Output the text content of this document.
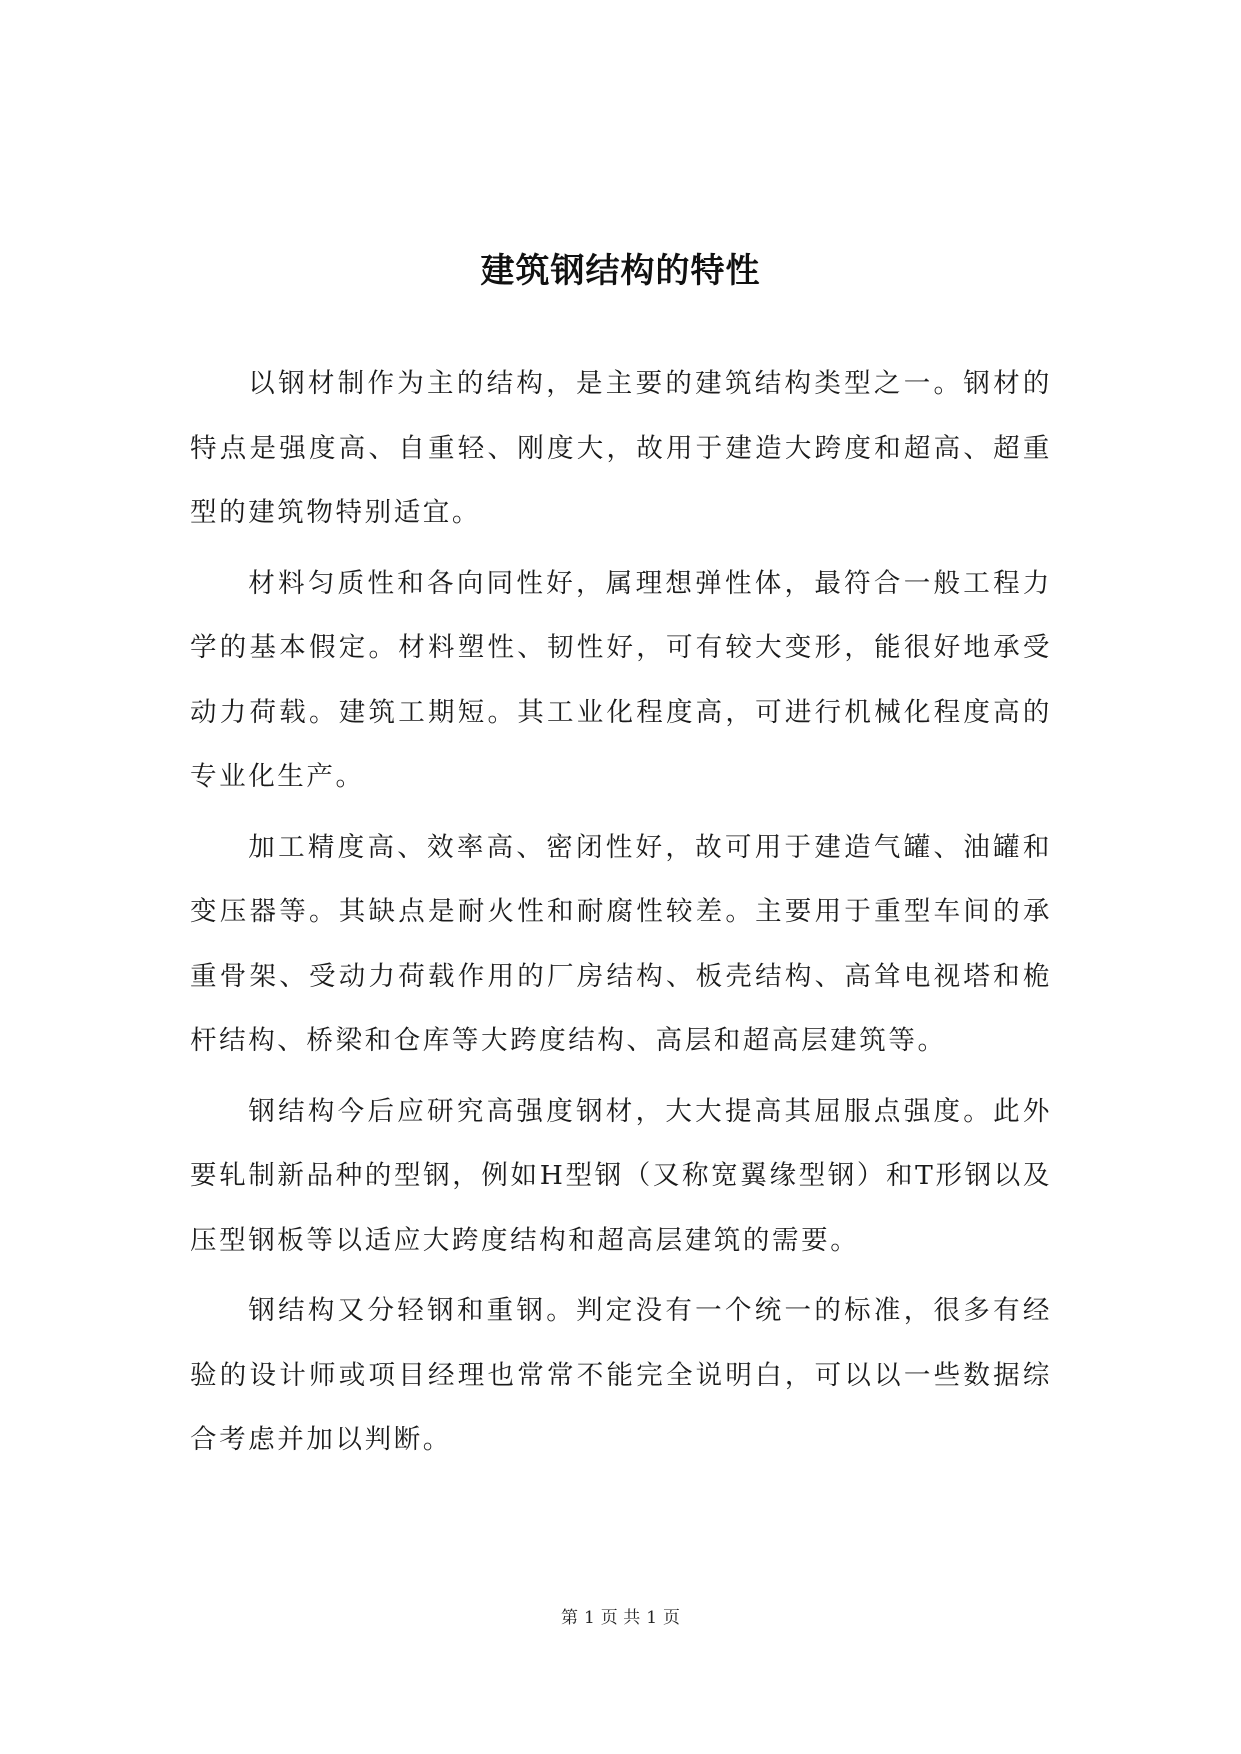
建筑钢结构的特性

以钢材制作为主的结构，是主要的建筑结构类型之一。钢材的特点是强度高、自重轻、刚度大，故用于建造大跨度和超高、超重型的建筑物特别适宜。

材料匀质性和各向同性好，属理想弹性体，最符合一般工程力学的基本假定。材料塑性、韧性好，可有较大变形，能很好地承受动力荷载。建筑工期短。其工业化程度高，可进行机械化程度高的专业化生产。

加工精度高、效率高、密闭性好，故可用于建造气罐、油罐和变压器等。其缺点是耐火性和耐腐性较差。主要用于重型车间的承重骨架、受动力荷载作用的厂房结构、板壳结构、高耸电视塔和桅杆结构、桥梁和仓库等大跨度结构、高层和超高层建筑等。

钢结构今后应研究高强度钢材，大大提高其屈服点强度。此外要轧制新品种的型钢，例如H型钢（又称宽翼缘型钢）和T形钢以及压型钢板等以适应大跨度结构和超高层建筑的需要。

钢结构又分轻钢和重钢。判定没有一个统一的标准，很多有经验的设计师或项目经理也常常不能完全说明白，可以以一些数据综合考虑并加以判断。

第 1 页 共 1 页
